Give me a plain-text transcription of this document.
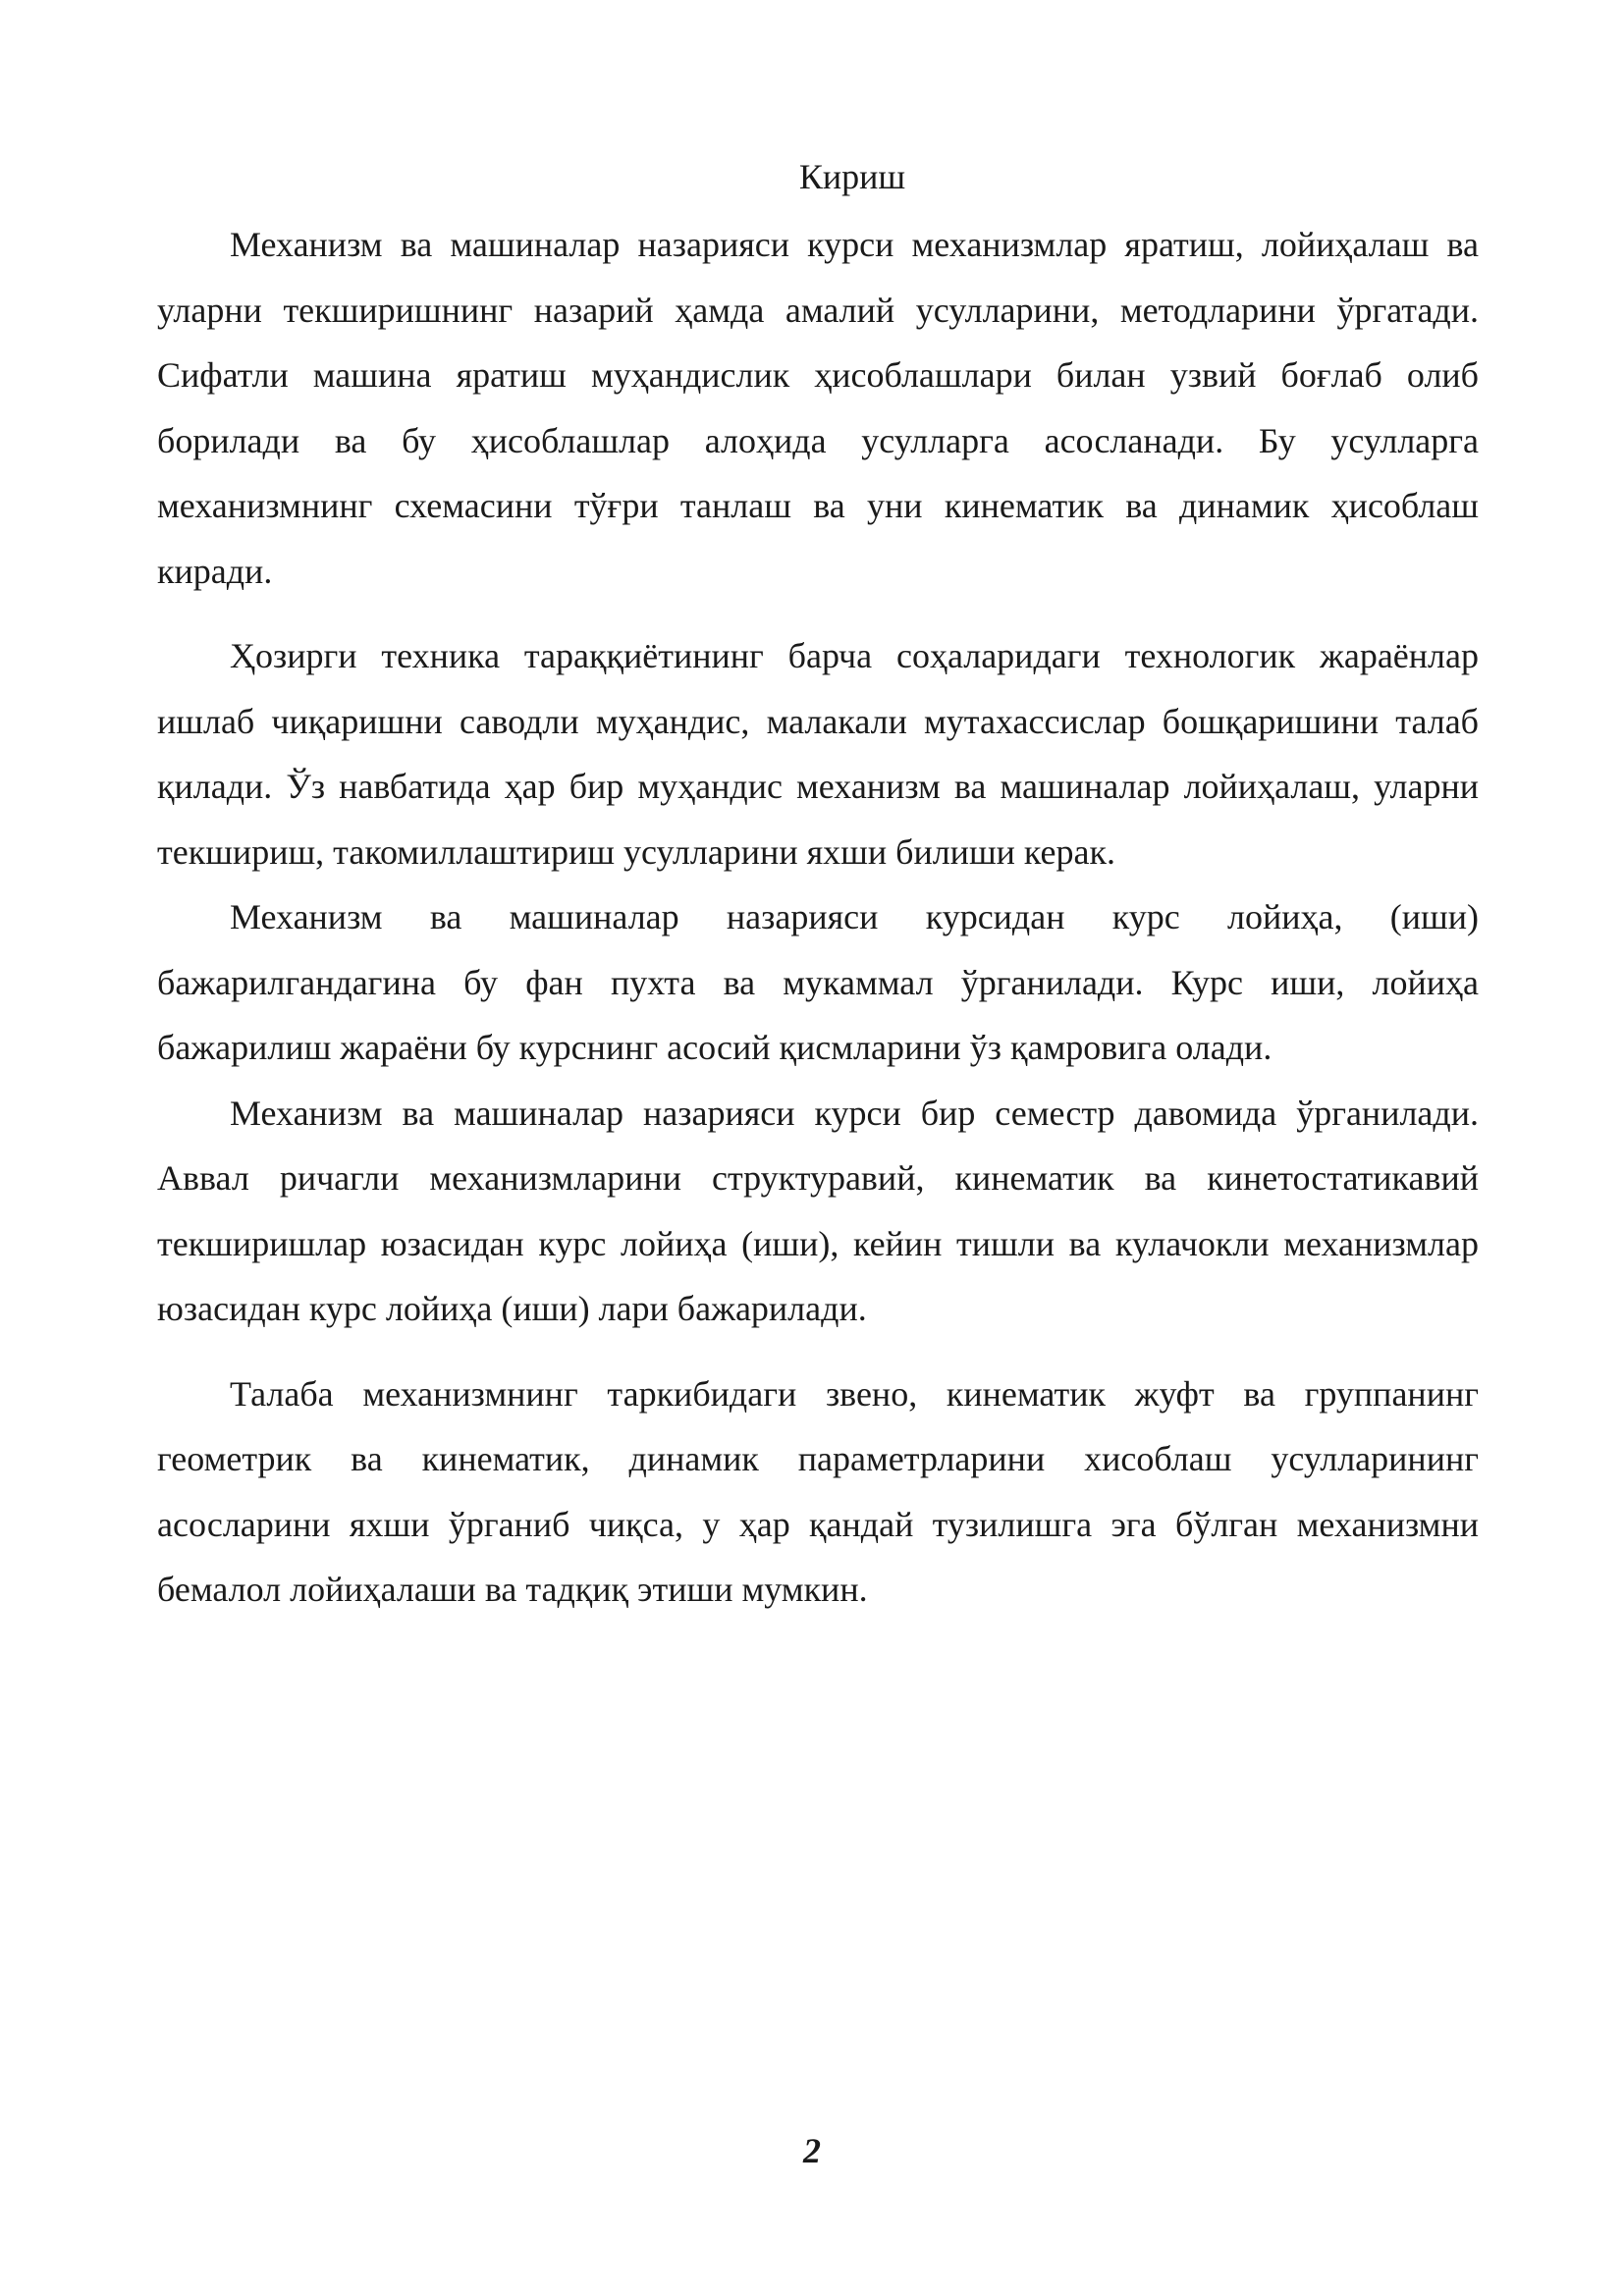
Кириш

Механизм ва машиналар назарияси курси механизмлар яратиш, лойиҳалаш ва уларни текширишнинг назарий ҳамда амалий усулларини, методларини ўргатади. Сифатли машина яратиш муҳандислик ҳисоблашлари билан узвий боғлаб олиб борилади ва бу ҳисоблашлар алоҳида усулларга асосланади. Бу усулларга механизмнинг схемасини тўғри танлаш ва уни кинематик ва динамик ҳисоблаш киради.

Ҳозирги техника тараққиётининг барча соҳаларидаги технологик жараёнлар ишлаб чиқаришни саводли муҳандис, малакали мутахассислар бошқаришини талаб қилади. Ўз навбатида ҳар бир муҳандис механизм ва машиналар лойиҳалаш, уларни текшириш, такомиллаштириш усулларини яхши билиши керак.

Механизм ва машиналар назарияси курсидан курс лойиҳа, (иши) бажарилгандагина бу фан пухта ва мукаммал ўрганилади. Курс иши, лойиҳа бажарилиш жараёни бу курснинг асосий қисмларини ўз қамровига олади.

Механизм ва машиналар назарияси курси бир семестр давомида ўрганилади. Аввал ричагли механизмларини структуравий, кинематик ва кинетостатикавий текширишлар юзасидан курс лойиҳа (иши), кейин тишли ва кулачокли механизмлар юзасидан курс лойиҳа (иши) лари бажарилади.

Талаба механизмнинг таркибидаги звено, кинематик жуфт ва группанинг геометрик ва кинематик, динамик параметрларини хисоблаш усулларининг асосларини яхши ўрганиб чиқса, у ҳар қандай тузилишга эга бўлган механизмни бемалол лойиҳалаши ва тадқиқ этиши мумкин.

2
